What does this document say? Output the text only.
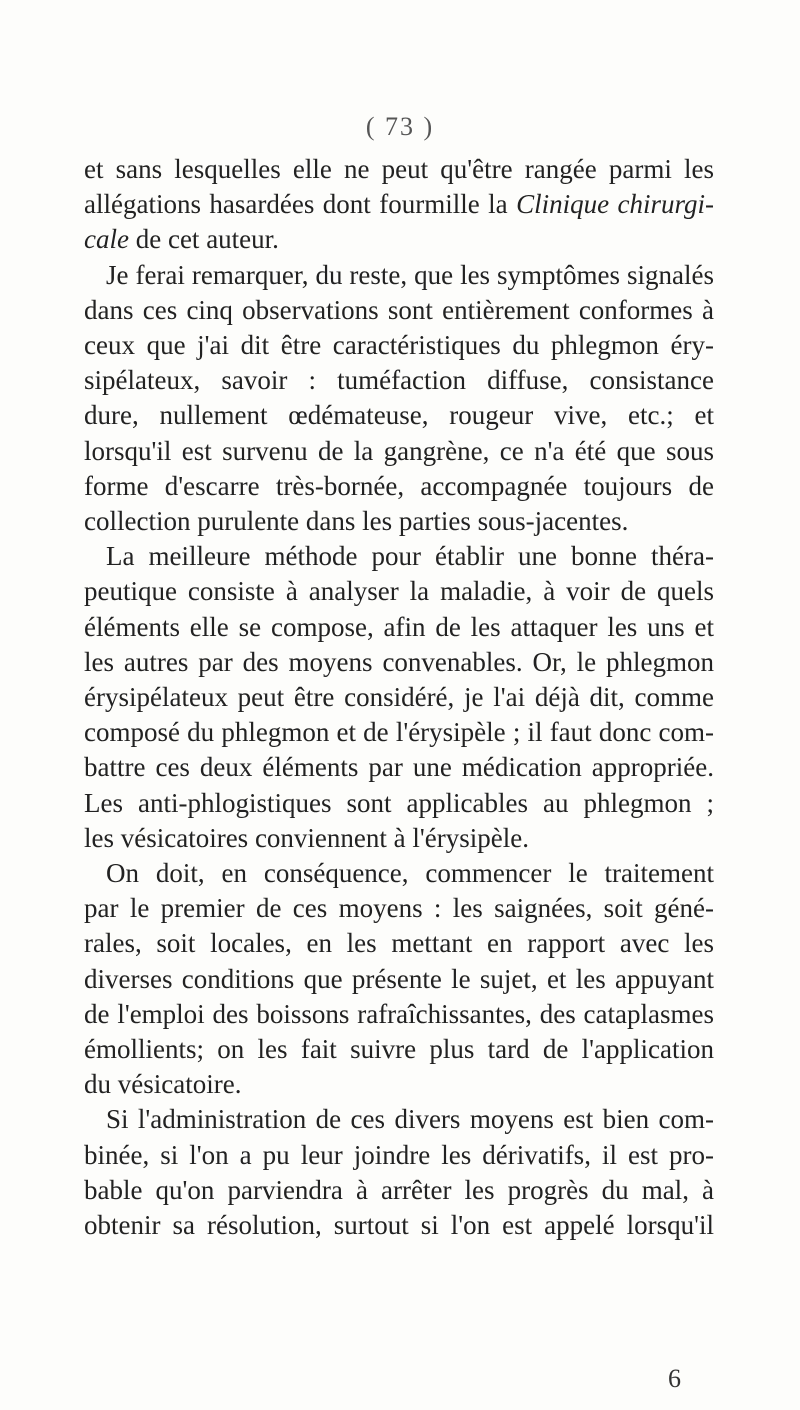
( 73 )
et sans lesquelles elle ne peut qu'être rangée parmi les
allégations hasardées dont fourmille la Clinique chirurgi-
cale de cet auteur.
Je ferai remarquer, du reste, que les symptômes signalés
dans ces cinq observations sont entièrement conformes à
ceux que j'ai dit être caractéristiques du phlegmon éry-
sipélateux, savoir : tuméfaction diffuse, consistance
dure, nullement œdémateuse, rougeur vive, etc.; et
lorsqu'il est survenu de la gangrène, ce n'a été que sous
forme d'escarre très-bornée, accompagnée toujours de
collection purulente dans les parties sous-jacentes.
La meilleure méthode pour établir une bonne théra-
peutique consiste à analyser la maladie, à voir de quels
éléments elle se compose, afin de les attaquer les uns et
les autres par des moyens convenables. Or, le phlegmon
érysipélateux peut être considéré, je l'ai déjà dit, comme
composé du phlegmon et de l'érysipèle ; il faut donc com-
battre ces deux éléments par une médication appropriée.
Les anti-phlogistiques sont applicables au phlegmon ;
les vésicatoires conviennent à l'érysipèle.
On doit, en conséquence, commencer le traitement
par le premier de ces moyens : les saignées, soit géné-
rales, soit locales, en les mettant en rapport avec les
diverses conditions que présente le sujet, et les appuyant
de l'emploi des boissons rafraîchissantes, des cataplasmes
émollients; on les fait suivre plus tard de l'application
du vésicatoire.
Si l'administration de ces divers moyens est bien com-
binée, si l'on a pu leur joindre les dérivatifs, il est pro-
bable qu'on parviendra à arrêter les progrès du mal, à
obtenir sa résolution, surtout si l'on est appelé lorsqu'il
6
